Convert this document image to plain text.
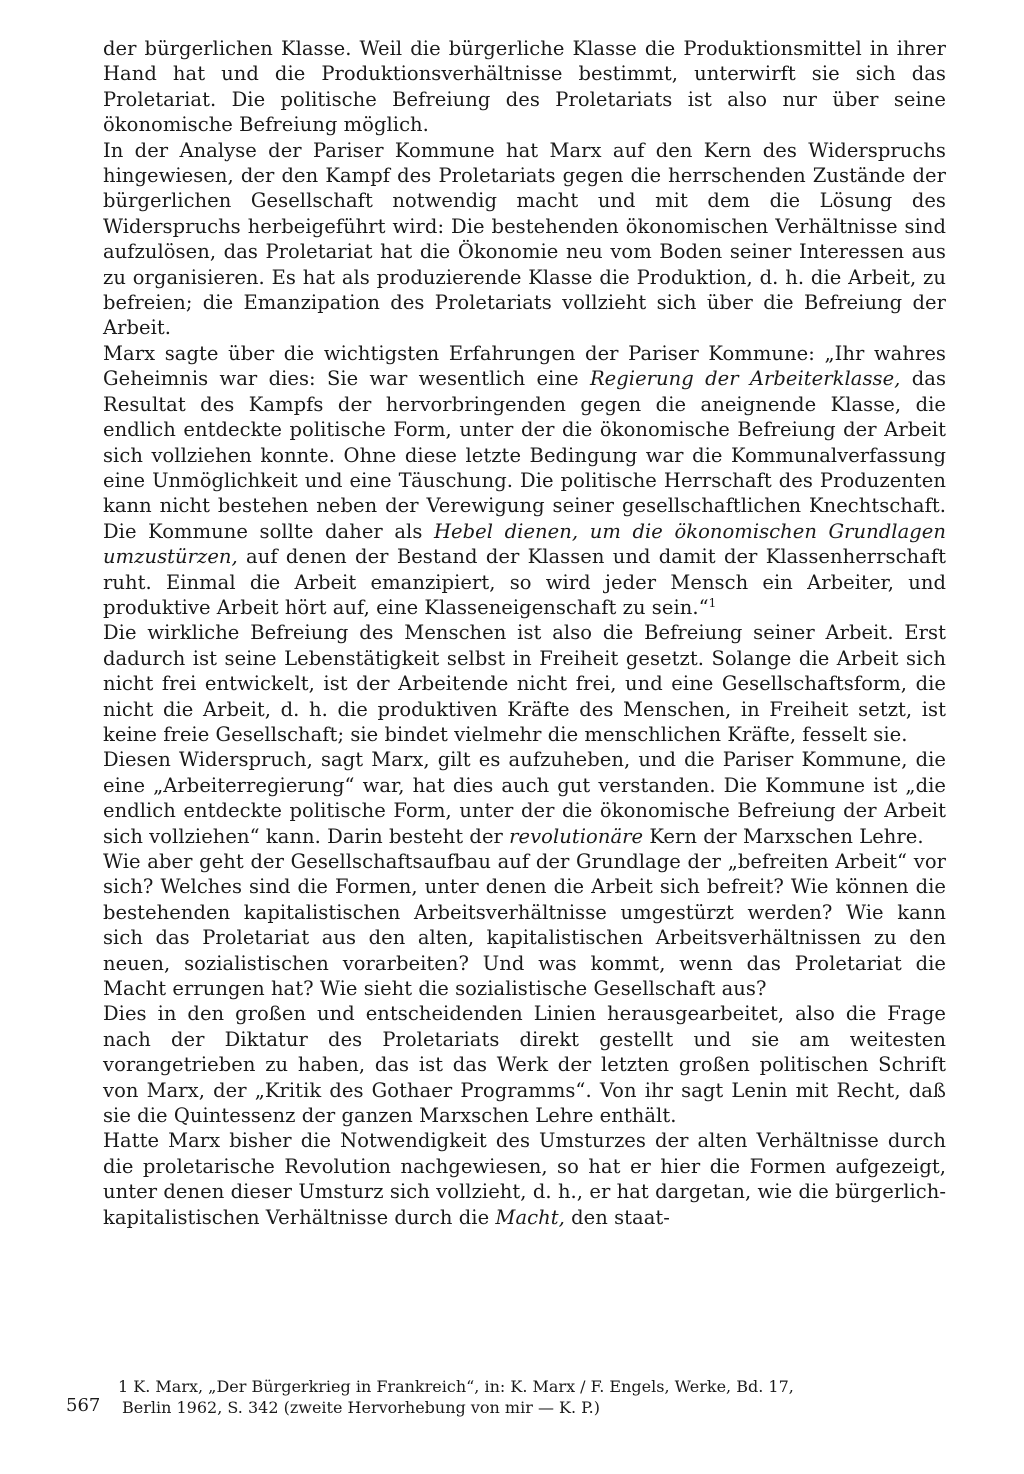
der bürgerlichen Klasse. Weil die bürgerliche Klasse die Produktionsmittel in ihrer Hand hat und die Produktionsverhältnisse bestimmt, unterwirft sie sich das Proletariat. Die politische Befreiung des Proletariats ist also nur über seine ökonomische Befreiung möglich.

In der Analyse der Pariser Kommune hat Marx auf den Kern des Widerspruchs hingewiesen, der den Kampf des Proletariats gegen die herrschenden Zustände der bürgerlichen Gesellschaft notwendig macht und mit dem die Lösung des Widerspruchs herbeigeführt wird: Die bestehenden ökonomischen Verhältnisse sind aufzulösen, das Proletariat hat die Ökonomie neu vom Boden seiner Interessen aus zu organisieren. Es hat als produzierende Klasse die Produktion, d. h. die Arbeit, zu befreien; die Emanzipation des Proletariats vollzieht sich über die Befreiung der Arbeit.

Marx sagte über die wichtigsten Erfahrungen der Pariser Kommune: „Ihr wahres Geheimnis war dies: Sie war wesentlich eine Regierung der Arbeiterklasse, das Resultat des Kampfs der hervorbringenden gegen die aneignende Klasse, die endlich entdeckte politische Form, unter der die ökonomische Befreiung der Arbeit sich vollziehen konnte. Ohne diese letzte Bedingung war die Kommunalverfassung eine Unmöglichkeit und eine Täuschung. Die politische Herrschaft des Produzenten kann nicht bestehen neben der Verewigung seiner gesellschaftlichen Knechtschaft. Die Kommune sollte daher als Hebel dienen, um die ökonomischen Grundlagen umzustürzen, auf denen der Bestand der Klassen und damit der Klassenherrschaft ruht. Einmal die Arbeit emanzipiert, so wird jeder Mensch ein Arbeiter, und produktive Arbeit hört auf, eine Klasseneigenschaft zu sein.“$^1$

Die wirkliche Befreiung des Menschen ist also die Befreiung seiner Arbeit. Erst dadurch ist seine Lebenstätigkeit selbst in Freiheit gesetzt. Solange die Arbeit sich nicht frei entwickelt, ist der Arbeitende nicht frei, und eine Gesellschaftsform, die nicht die Arbeit, d. h. die produktiven Kräfte des Menschen, in Freiheit setzt, ist keine freie Gesellschaft; sie bindet vielmehr die menschlichen Kräfte, fesselt sie.

Diesen Widerspruch, sagt Marx, gilt es aufzuheben, und die Pariser Kommune, die eine „Arbeiterregierung“ war, hat dies auch gut verstanden. Die Kommune ist „die endlich entdeckte politische Form, unter der die ökonomische Befreiung der Arbeit sich vollziehen“ kann. Darin besteht der revolutionäre Kern der Marxschen Lehre.

Wie aber geht der Gesellschaftsaufbau auf der Grundlage der „befreiten Arbeit“ vor sich? Welches sind die Formen, unter denen die Arbeit sich befreit? Wie können die bestehenden kapitalistischen Arbeitsverhältnisse umgestürzt werden? Wie kann sich das Proletariat aus den alten, kapitalistischen Arbeitsverhältnissen zu den neuen, sozialistischen vorarbeiten? Und was kommt, wenn das Proletariat die Macht errungen hat? Wie sieht die sozialistische Gesellschaft aus?

Dies in den großen und entscheidenden Linien herausgearbeitet, also die Frage nach der Diktatur des Proletariats direkt gestellt und sie am weitesten vorangetrieben zu haben, das ist das Werk der letzten großen politischen Schrift von Marx, der „Kritik des Gothaer Programms“. Von ihr sagt Lenin mit Recht, daß sie die Quintessenz der ganzen Marxschen Lehre enthält.

Hatte Marx bisher die Notwendigkeit des Umsturzes der alten Verhältnisse durch die proletarische Revolution nachgewiesen, so hat er hier die Formen aufgezeigt, unter denen dieser Umsturz sich vollzieht, d. h., er hat dargetan, wie die bürgerlich-kapitalistischen Verhältnisse durch die Macht, den staat-

1 K. Marx, „Der Bürgerkrieg in Frankreich“, in: K. Marx / F. Engels, Werke, Bd. 17,
Berlin 1962, S. 342 (zweite Hervorhebung von mir — K. P.)
567
